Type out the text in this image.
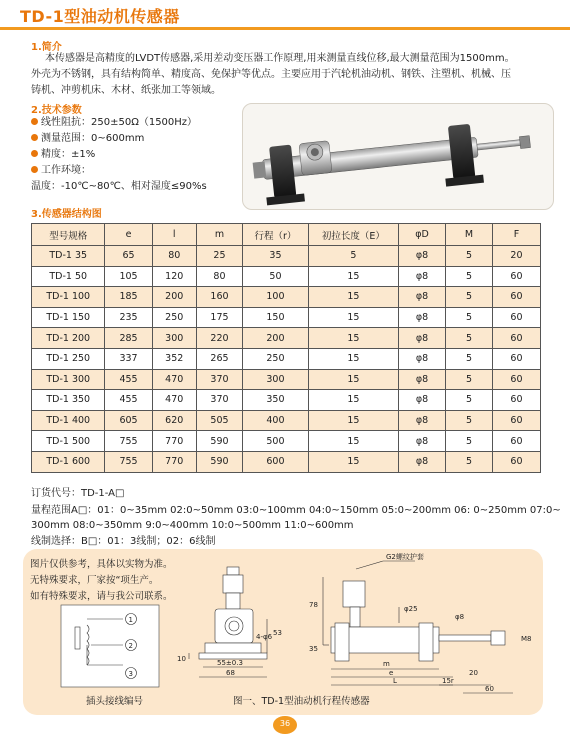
TD-1型油动机传感器
1.简介
本传感器是高精度的LVDT传感器,采用差动变压器工作原理,用来测量直线位移,最大测量范围为1500mm。
外壳为不锈钢，具有结构简单、精度高、免保护等优点。主要应用于汽轮机油动机、钢铁、注塑机、机械、压
铸机、冲剪机床、木材、纸张加工等领域。
2.技术参数
线性阻抗：250±50Ω（1500Hz）
测量范围：0~600mm
精度：±1%
工作环境：
温度：-10℃~80℃、相对湿度≤90%s
3.传感器结构图
型号规格	e	l	m	行程（r）	初拉长度（E）	φD	M	F
TD-1 35	65	80	25	35	5	φ8	5	20
TD-1 50	105	120	80	50	15	φ8	5	60
TD-1 100	185	200	160	100	15	φ8	5	60
TD-1 150	235	250	175	150	15	φ8	5	60
TD-1 200	285	300	220	200	15	φ8	5	60
TD-1 250	337	352	265	250	15	φ8	5	60
TD-1 300	455	470	370	300	15	φ8	5	60
TD-1 350	455	470	370	350	15	φ8	5	60
TD-1 400	605	620	505	400	15	φ8	5	60
TD-1 500	755	770	590	500	15	φ8	5	60
TD-1 600	755	770	590	600	15	φ8	5	60
订货代号：TD-1-A□
量程范围A□：01：0~35mm 02:0~50mm 03:0~100mm 04:0~150mm 05:0~200mm 06: 0~250mm 07:0~
300mm 08:0~350mm 9:0~400mm 10:0~500mm 11:0~600mm
线制选择：B□：01：3线制；02：6线制
图片仅供参考，具体以实物为准。
无特殊要求，厂家按“项生产。
如有特殊要求，请与我公司联系。
1
2
3
4-φ6 53
10	55±0.3
68
G2螺纹护套
78
35
φ25
φ8
M8
m
e
L	15r
20
60
插头接线编号	图一、TD-1型油动机行程传感器
36
